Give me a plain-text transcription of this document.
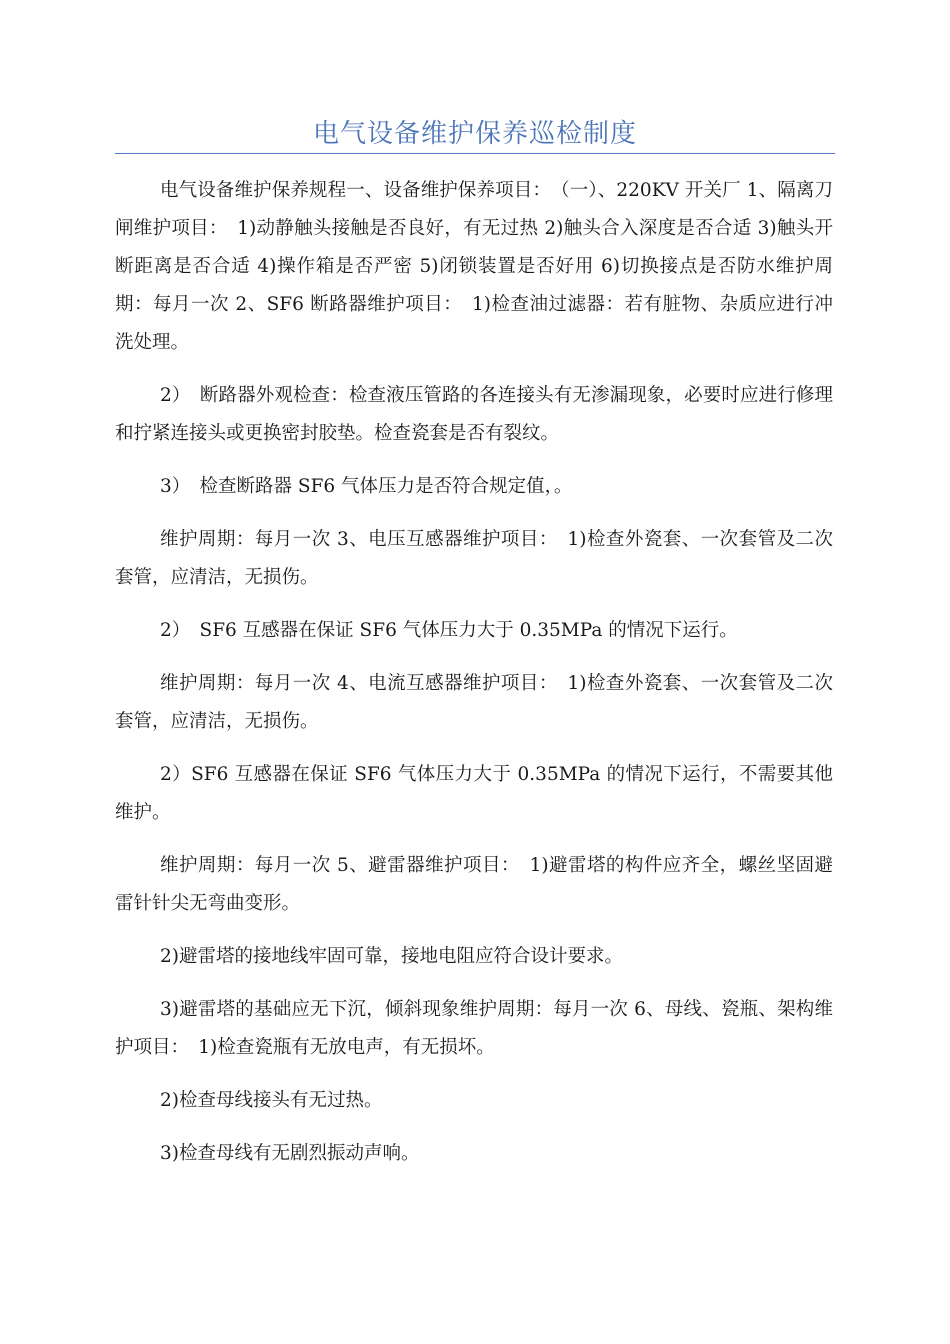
电气设备维护保养巡检制度

电气设备维护保养规程一、设备维护保养项目：　（一）、220KV 开关厂 1、隔离刀闸维护项目：　1)动静触头接触是否良好，有无过热 2)触头合入深度是否合适 3)触头开断距离是否合适 4)操作箱是否严密 5)闭锁装置是否好用 6)切换接点是否防水维护周期：每月一次 2、SF6 断路器维护项目：　1)检查油过滤器：若有脏物、杂质应进行冲洗处理。

2）　断路器外观检查：检查液压管路的各连接头有无渗漏现象，必要时应进行修理和拧紧连接头或更换密封胶垫。检查瓷套是否有裂纹。

3）　检查断路器 SF6 气体压力是否符合规定值，。

维护周期：每月一次 3、电压互感器维护项目：　1)检查外瓷套、一次套管及二次套管，应清洁，无损伤。

2）　SF6 互感器在保证 SF6 气体压力大于 0.35MPa 的情况下运行。

维护周期：每月一次 4、电流互感器维护项目：　1)检查外瓷套、一次套管及二次套管，应清洁，无损伤。

2）SF6 互感器在保证 SF6 气体压力大于 0.35MPa 的情况下运行，不需要其他维护。

维护周期：每月一次 5、避雷器维护项目：　1)避雷塔的构件应齐全，螺丝坚固避雷针针尖无弯曲变形。

2)避雷塔的接地线牢固可靠，接地电阻应符合设计要求。

3)避雷塔的基础应无下沉，倾斜现象维护周期：每月一次 6、母线、瓷瓶、架构维护项目：　1)检查瓷瓶有无放电声，有无损坏。

2)检查母线接头有无过热。

3)检查母线有无剧烈振动声响。
